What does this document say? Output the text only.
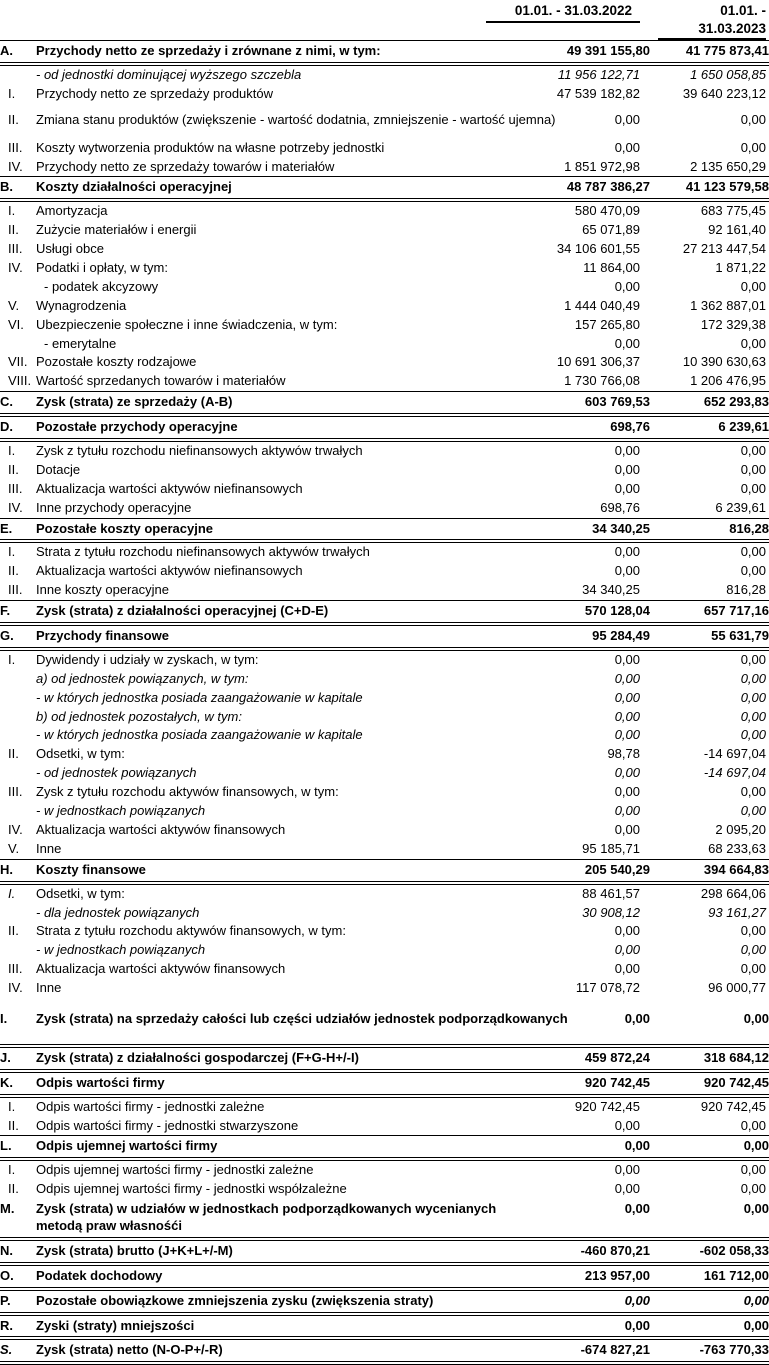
		01.01. - 31.03.2022	01.01. - 31.03.2023

A.	Przychody netto ze sprzedaży i zrównane z nimi, w tym:	49 391 155,80	41 775 873,41
	- od jednostki dominującej wyższego szczebla	11 956 122,71	1 650 058,85
I.	Przychody netto ze sprzedaży produktów	47 539 182,82	39 640 223,12

II.	Zmiana stanu produktów (zwiększenie - wartość dodatnia, zmniejszenie - wartość ujemna)	0,00	0,00

III.	Koszty wytworzenia produktów na własne potrzeby jednostki	0,00	0,00
IV.	Przychody netto ze sprzedaży towarów i materiałów	1 851 972,98	2 135 650,29
B.	Koszty działalności operacyjnej	48 787 386,27	41 123 579,58
I.	Amortyzacja	580 470,09	683 775,45
II.	Zużycie materiałów i energii	65 071,89	92 161,40
III.	Usługi obce	34 106 601,55	27 213 447,54
IV.	Podatki i opłaty, w tym:	11 864,00	1 871,22
	- podatek akcyzowy	0,00	0,00
V.	Wynagrodzenia	1 444 040,49	1 362 887,01
VI.	Ubezpieczenie społeczne i inne świadczenia, w tym:	157 265,80	172 329,38
	- emerytalne	0,00	0,00
VII.	Pozostałe koszty rodzajowe	10 691 306,37	10 390 630,63
VIII.	Wartość sprzedanych towarów i materiałów	1 730 766,08	1 206 476,95
C.	Zysk (strata) ze sprzedaży (A-B)	603 769,53	652 293,83
D.	Pozostałe przychody operacyjne	698,76	6 239,61
I.	Zysk z tytułu rozchodu niefinansowych aktywów trwałych	0,00	0,00
II.	Dotacje	0,00	0,00
III.	Aktualizacja wartości aktywów niefinansowych	0,00	0,00
IV.	Inne przychody operacyjne	698,76	6 239,61
E.	Pozostałe koszty operacyjne	34 340,25	816,28
I.	Strata z tytułu rozchodu niefinansowych aktywów trwałych	0,00	0,00
II.	Aktualizacja wartości aktywów niefinansowych	0,00	0,00
III.	Inne koszty operacyjne	34 340,25	816,28
F.	Zysk (strata) z działalności operacyjnej (C+D-E)	570 128,04	657 717,16
G.	Przychody finansowe	95 284,49	55 631,79
I.	Dywidendy i udziały w zyskach, w tym:	0,00	0,00
	a) od jednostek powiązanych, w tym:	0,00	0,00
	- w których jednostka posiada zaangażowanie w kapitale	0,00	0,00
	b) od jednostek pozostałych, w tym:	0,00	0,00
	- w których jednostka posiada zaangażowanie w kapitale	0,00	0,00
II.	Odsetki, w tym:	98,78	-14 697,04
	- od jednostek powiązanych	0,00	-14 697,04
III.	Zysk z tytułu rozchodu aktywów finansowych, w tym:	0,00	0,00
	- w jednostkach powiązanych	0,00	0,00
IV.	Aktualizacja wartości aktywów finansowych	0,00	2 095,20
V.	Inne	95 185,71	68 233,63
H.	Koszty finansowe	205 540,29	394 664,83
I.	Odsetki, w tym:	88 461,57	298 664,06
	- dla jednostek powiązanych	30 908,12	93 161,27
II.	Strata z tytułu rozchodu aktywów finansowych, w tym:	0,00	0,00
	- w jednostkach powiązanych	0,00	0,00
III.	Aktualizacja wartości aktywów finansowych	0,00	0,00
IV.	Inne	117 078,72	96 000,77

I.	Zysk (strata) na sprzedaży całości lub części udziałów jednostek podporządkowanych	0,00	0,00

J.	Zysk (strata) z działalności gospodarczej (F+G-H+/-I)	459 872,24	318 684,12
K.	Odpis wartości firmy	920 742,45	920 742,45
I.	Odpis wartości firmy - jednostki zależne	920 742,45	920 742,45
II.	Odpis wartości firmy - jednostki stwarzyszone	0,00	0,00
L.	Odpis ujemnej wartości firmy	0,00	0,00
I.	Odpis ujemnej wartości firmy - jednostki zależne	0,00	0,00
II.	Odpis ujemnej wartości firmy - jednostki współzależne	0,00	0,00
M.	Zysk (strata) w udziałów w jednostkach podporządkowanych wycenianych metodą praw własnośći	0,00	0,00
N.	Zysk (strata) brutto (J+K+L+/-M)	-460 870,21	-602 058,33
O.	Podatek dochodowy	213 957,00	161 712,00
P.	Pozostałe obowiązkowe zmniejszenia zysku (zwiększenia straty)	0,00	0,00
R.	Zyski (straty) mniejszości	0,00	0,00
S.	Zysk (strata) netto (N-O-P+/-R)	-674 827,21	-763 770,33
